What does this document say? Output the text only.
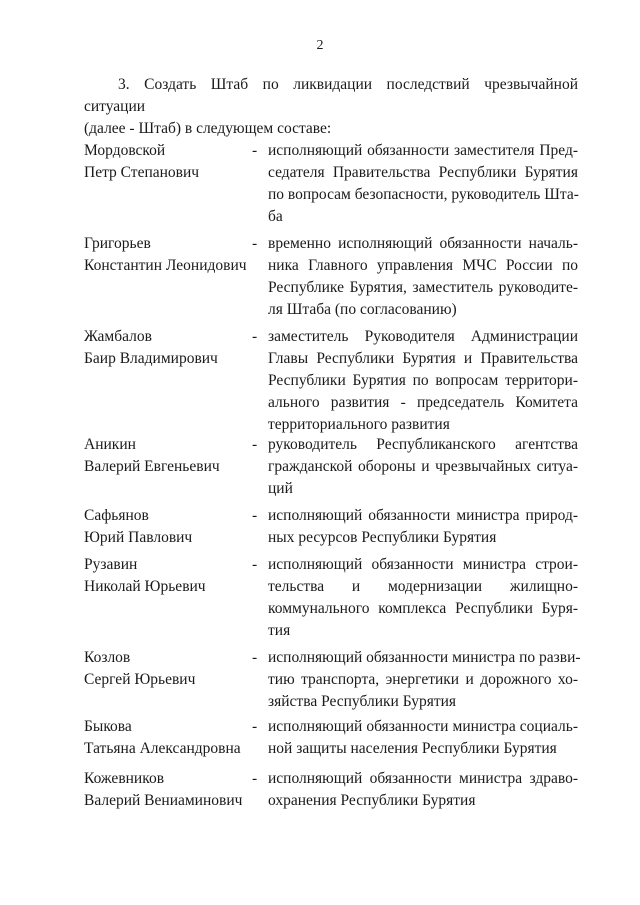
2
3. Создать Штаб по ликвидации последствий чрезвычайной ситуации
(далее - Штаб) в следующем составе:
Мордовской
Петр Степанович
- исполняющий обязанности заместителя Пред-
седателя Правительства Республики Бурятия
по вопросам безопасности, руководитель Шта-
ба
Григорьев
Константин Леонидович
- временно исполняющий обязанности началь-
ника Главного управления МЧС России по
Республике Бурятия, заместитель руководите-
ля Штаба (по согласованию)
Жамбалов
Баир Владимирович
- заместитель Руководителя Администрации
Главы Республики Бурятия и Правительства
Республики Бурятия по вопросам территори-
ального развития - председатель Комитета
территориального развития
Аникин
Валерий Евгеньевич
- руководитель Республиканского агентства
гражданской обороны и чрезвычайных ситуа-
ций
Сафьянов
Юрий Павлович
- исполняющий обязанности министра природ-
ных ресурсов Республики Бурятия
Рузавин
Николай Юрьевич
- исполняющий обязанности министра строи-
тельства и модернизации жилищно-
коммунального комплекса Республики Буря-
тия
Козлов
Сергей Юрьевич
- исполняющий обязанности министра по разви-
тию транспорта, энергетики и дорожного хо-
зяйства Республики Бурятия
Быкова
Татьяна Александровна
- исполняющий обязанности министра социаль-
ной защиты населения Республики Бурятия
Кожевников
Валерий Вениаминович
- исполняющий обязанности министра здраво-
охранения Республики Бурятия
